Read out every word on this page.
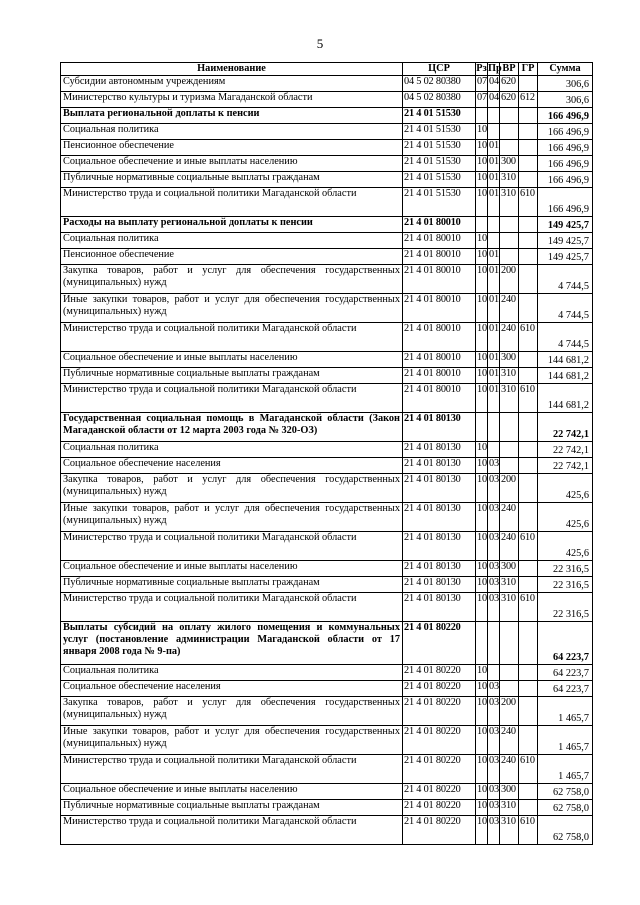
5
Наименование	ЦСР	Рз	Пр	ВР	ГР	Сумма
Субсидии автономным учреждениям	04 5 02 80380	07	04	620		306,6
Министерство культуры и туризма Магаданской области	04 5 02 80380	07	04	620	612	306,6
Выплата региональной доплаты к пенсии	21 4 01 51530					166 496,9
Социальная политика	21 4 01 51530	10				166 496,9
Пенсионное обеспечение	21 4 01 51530	10	01			166 496,9
Социальное обеспечение и иные выплаты населению	21 4 01 51530	10	01	300		166 496,9
Публичные нормативные социальные выплаты гражданам	21 4 01 51530	10	01	310		166 496,9
Министерство труда и социальной политики Магаданской области	21 4 01 51530	10	01	310	610	166 496,9
Расходы на выплату региональной доплаты к пенсии	21 4 01 80010					149 425,7
Социальная политика	21 4 01 80010	10				149 425,7
Пенсионное обеспечение	21 4 01 80010	10	01			149 425,7
Закупка товаров, работ и услуг для обеспечения государственных (муниципальных) нужд	21 4 01 80010	10	01	200		4 744,5
Иные закупки товаров, работ и услуг для обеспечения государственных (муниципальных) нужд	21 4 01 80010	10	01	240		4 744,5
Министерство труда и социальной политики Магаданской области	21 4 01 80010	10	01	240	610	4 744,5
Социальное обеспечение и иные выплаты населению	21 4 01 80010	10	01	300		144 681,2
Публичные нормативные социальные выплаты гражданам	21 4 01 80010	10	01	310		144 681,2
Министерство труда и социальной политики Магаданской области	21 4 01 80010	10	01	310	610	144 681,2
Государственная социальная помощь в Магаданской области (Закон Магаданской области от 12 марта 2003 года № 320-ОЗ)	21 4 01 80130					22 742,1
Социальная политика	21 4 01 80130	10				22 742,1
Социальное обеспечение населения	21 4 01 80130	10	03			22 742,1
Закупка товаров, работ и услуг для обеспечения государственных (муниципальных) нужд	21 4 01 80130	10	03	200		425,6
Иные закупки товаров, работ и услуг для обеспечения государственных (муниципальных) нужд	21 4 01 80130	10	03	240		425,6
Министерство труда и социальной политики Магаданской области	21 4 01 80130	10	03	240	610	425,6
Социальное обеспечение и иные выплаты населению	21 4 01 80130	10	03	300		22 316,5
Публичные нормативные социальные выплаты гражданам	21 4 01 80130	10	03	310		22 316,5
Министерство труда и социальной политики Магаданской области	21 4 01 80130	10	03	310	610	22 316,5
Выплаты субсидий на оплату жилого помещения и коммунальных услуг (постановление администрации Магаданской области от 17 января 2008 года № 9-па)	21 4 01 80220					64 223,7
Социальная политика	21 4 01 80220	10				64 223,7
Социальное обеспечение населения	21 4 01 80220	10	03			64 223,7
Закупка товаров, работ и услуг для обеспечения государственных (муниципальных) нужд	21 4 01 80220	10	03	200		1 465,7
Иные закупки товаров, работ и услуг для обеспечения государственных (муниципальных) нужд	21 4 01 80220	10	03	240		1 465,7
Министерство труда и социальной политики Магаданской области	21 4 01 80220	10	03	240	610	1 465,7
Социальное обеспечение и иные выплаты населению	21 4 01 80220	10	03	300		62 758,0
Публичные нормативные социальные выплаты гражданам	21 4 01 80220	10	03	310		62 758,0
Министерство труда и социальной политики Магаданской области	21 4 01 80220	10	03	310	610	62 758,0
